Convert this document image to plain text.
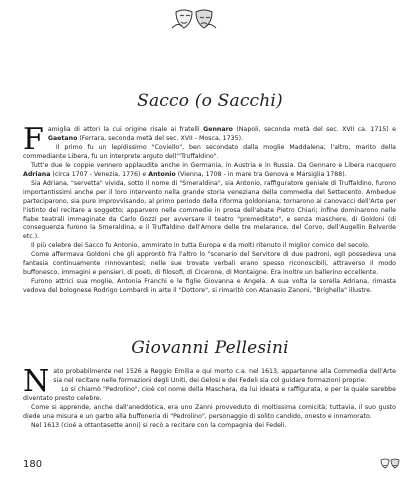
Sacco (o Sacchi)

Famiglia di attori la cui origine risale ai fratelli Gennaro (Napoli, seconda metà del sec. XVII ca. 1715) e Gaetano (Ferrara, seconda metà del sec. XVII - Mosca, 1735).

Il primo fu un lepidissimo "Coviello", ben secondato dalla moglie Maddalena; l'altro, marito della commediante Libera, fu un interprete arguto dell'"Truffaldino".

Tutt'e due le coppie vennero applaudite anche in Germania, in Austria e in Russia. Da Gennaro e Libera nacquero Adriana (circa 1707 - Venezia, 1776) e Antonio (Vienna, 1708 - in mare tra Genova e Marsiglia 1788).

Sia Adriana, "servetta" vivida, sotto il nome di "Smeraldina", sia Antonio, raffiguratore geniale di Truffaldino, furono importantissimi anche per il loro intervento nella grande storia veneziana della commedia del Settecento. Ambedue parteciparono, sia pure improvvisando, al primo periodo della riforma goldoniana; tornarono ai canovacci dell'Arte per l'istinto del recitare a soggetto; apparvero nelle commedie in prosa dell'abate Pietro Chiari; infine dominarono nelle fiabe teatrali immaginate da Carlo Gozzi per avversare il teatro "premeditato", e senza maschere, di Goldoni (di conseguenza furono la Smeraldina, e il Truffaldino dell'Amore delle tre melarance, del Corvo, dell'Augellin Belverde etc.).

Il più celebre dei Sacco fu Antonio, ammirato in tutta Europa e da molti ritenuto il miglior comico del secolo.

Come affermava Goldoni che gli approntò fra l'altro lo "scenario del Servitore di due padroni, egli possedeva una fantasia continuamente rinnovantesi; nelle sue trovate verbali erano spesso riconoscibili, attraverso il modo buffonesco, immagini e pensieri, di poeti, di filosofi, di Cicerone, di Montaigne. Era inoltre un ballerino eccellente.

Furono attrici sua moglie, Antonia Franchi e le figlie Giovanna e Angela. A sua volta la sorella Adriana, rimasta vedova del bolognese Rodrigo Lombardi in arte il "Dottore", si rimaritò con Atanasio Zanoni, "Brighella" illustre.

Giovanni Pellesini

Nato probabilmente nel 1526 a Reggio Emilia e qui morto c.a. nel 1613, appartenne alla Commedia dell'Arte sia nel recitare nelle formazioni degli Uniti, dei Gelosi e dei Fedeli sia col guidare formazioni proprie.

Lo si chiamò "Pedrolino", cioè col nome della Maschera, da lui ideata e raffigurata, e per la quale sarebbe diventato presto celebre.

Come si apprende, anche dall'aneddotica, era uno Zanni provveduto di moltissima comicità; tuttavia, il suo gusto diede una misura e un garbo alla buffoneria di "Pedrolino", personaggio di solito candido, onesto e innamorato.

Nel 1613 (cioè a ottantasette anni) si recò a recitare con la compagnia dei Fedeli.

180
